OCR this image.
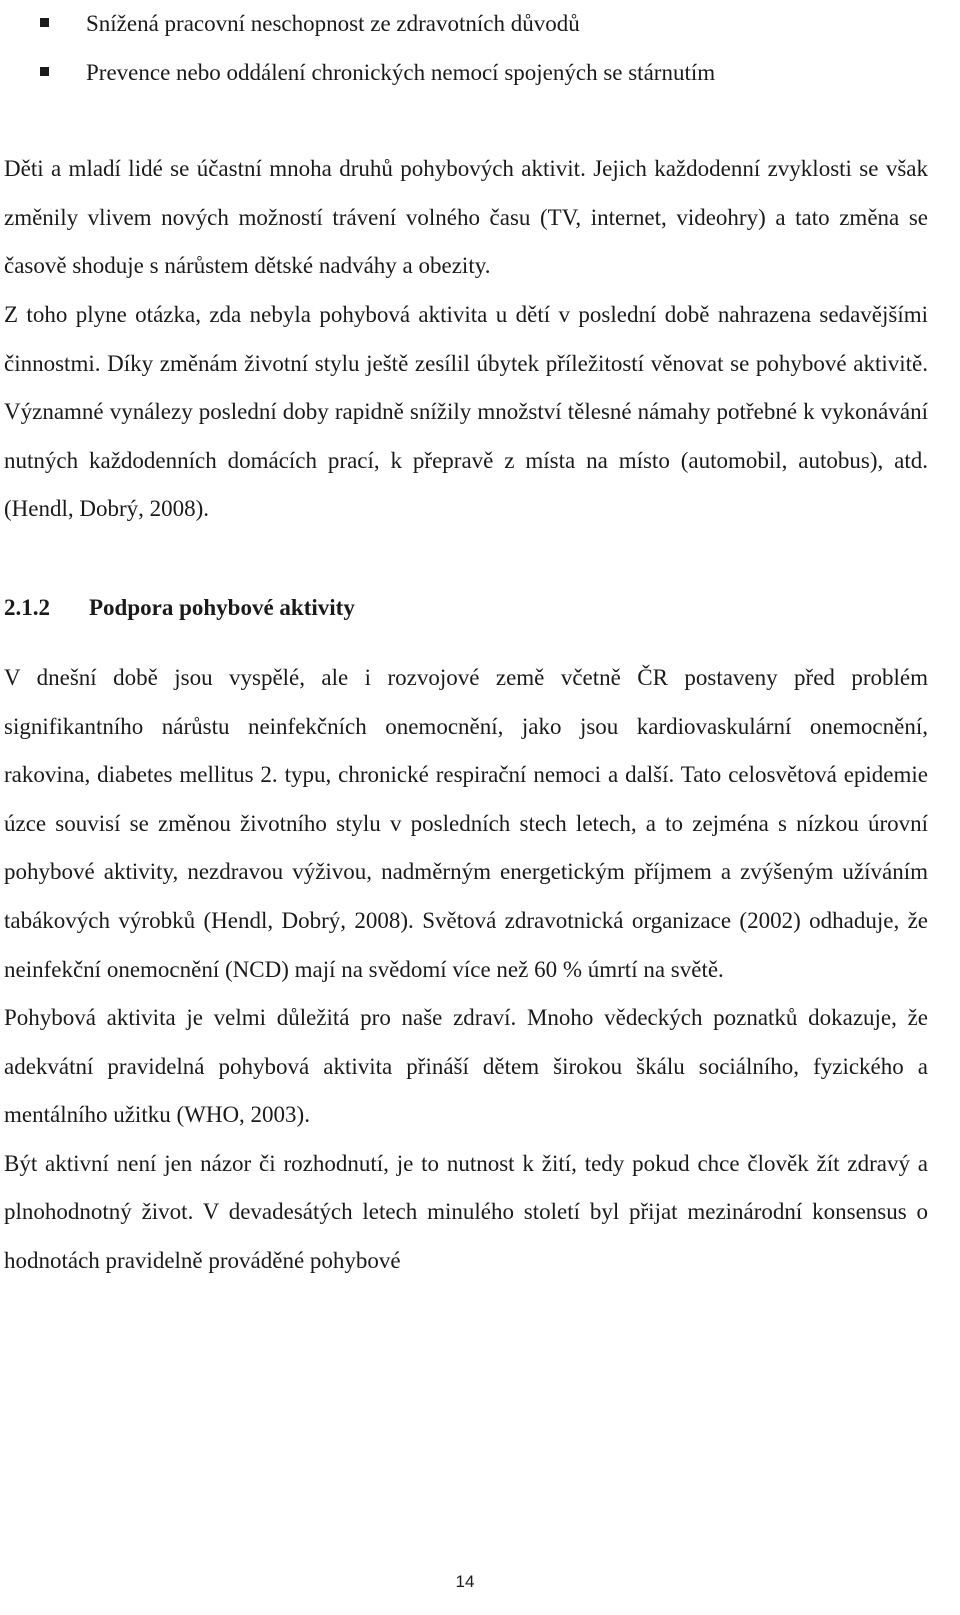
Snížená pracovní neschopnost ze zdravotních důvodů
Prevence nebo oddálení chronických nemocí spojených se stárnutím

Děti a mladí lidé se účastní mnoha druhů pohybových aktivit. Jejich každodenní zvyklosti se však změnily vlivem nových možností trávení volného času (TV, internet, videohry) a tato změna se časově shoduje s nárůstem dětské nadváhy a obezity.

Z toho plyne otázka, zda nebyla pohybová aktivita u dětí v poslední době nahrazena sedavějšími činnostmi. Díky změnám životní stylu ještě zesílil úbytek příležitostí věnovat se pohybové aktivitě. Významné vynálezy poslední doby rapidně snížily množství tělesné námahy potřebné k vykonávání nutných každodenních domácích prací, k přepravě z místa na místo (automobil, autobus), atd. (Hendl, Dobrý, 2008).

2.1.2 Podpora pohybové aktivity

V dnešní době jsou vyspělé, ale i rozvojové země včetně ČR postaveny před problém signifikantního nárůstu neinfekčních onemocnění, jako jsou kardiovaskulární onemocnění, rakovina, diabetes mellitus 2. typu, chronické respirační nemoci a další. Tato celosvětová epidemie úzce souvisí se změnou životního stylu v posledních stech letech, a to zejména s nízkou úrovní pohybové aktivity, nezdravou výživou, nadměrným energetickým příjmem a zvýšeným užíváním tabákových výrobků (Hendl, Dobrý, 2008). Světová zdravotnická organizace (2002) odhaduje, že neinfekční onemocnění (NCD) mají na svědomí více než 60 % úmrtí na světě.

Pohybová aktivita je velmi důležitá pro naše zdraví. Mnoho vědeckých poznatků dokazuje, že adekvátní pravidelná pohybová aktivita přináší dětem širokou škálu sociálního, fyzického a mentálního užitku (WHO, 2003).

Být aktivní není jen názor či rozhodnutí, je to nutnost k žití, tedy pokud chce člověk žít zdravý a plnohodnotný život. V devadesátých letech minulého století byl přijat mezinárodní konsensus o hodnotách pravidelně prováděné pohybové

14
